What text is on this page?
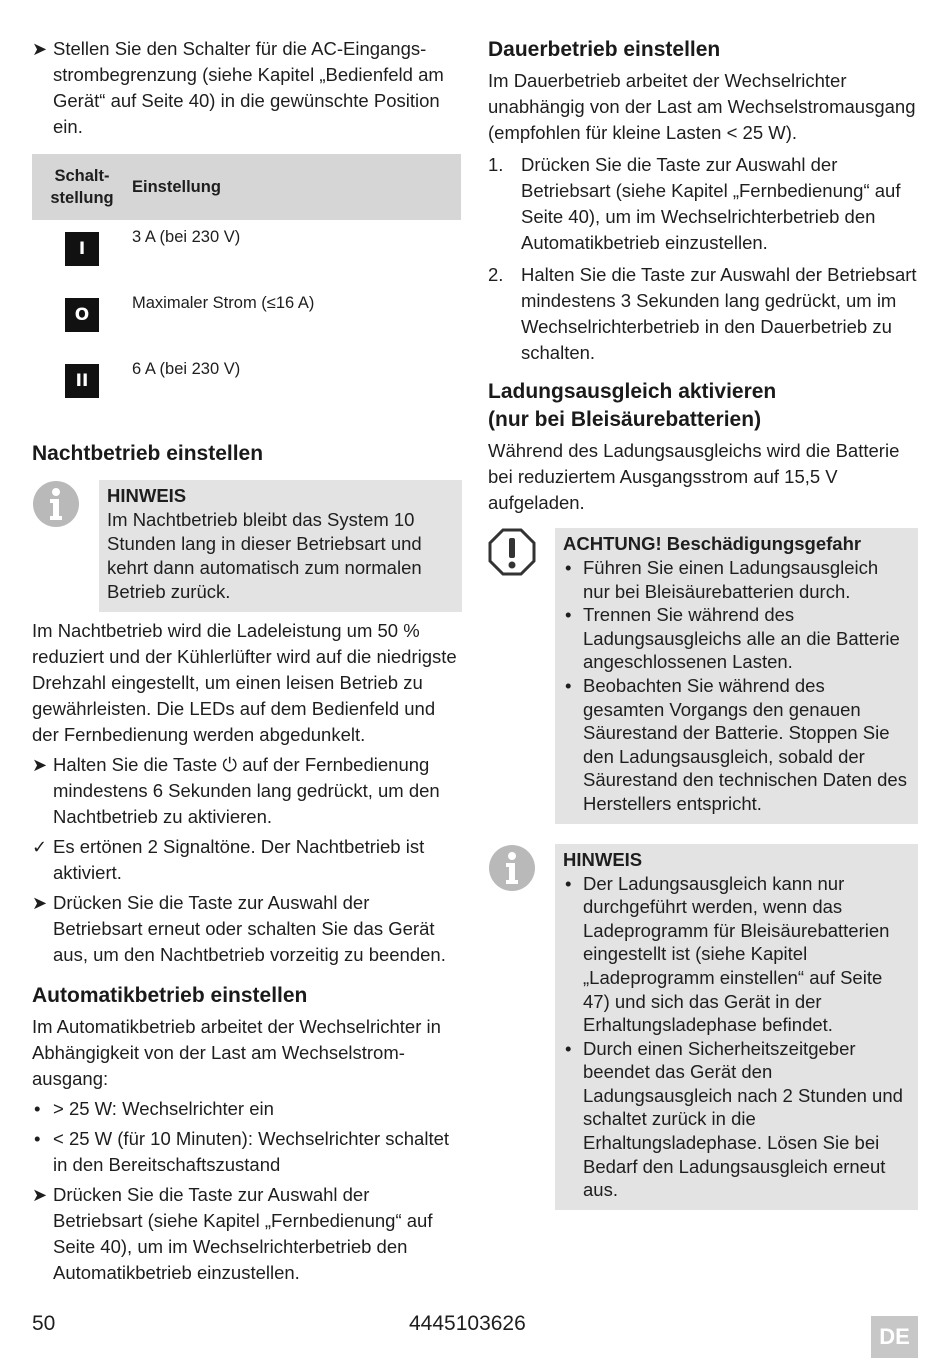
➤ Stellen Sie den Schalter für die AC-Eingangsstrombegrenzung (siehe Kapitel „Bedienfeld am Gerät“ auf Seite 40) in die gewünschte Position ein.
Schaltstellung	Einstellung
I	3 A (bei 230 V)
O	Maximaler Strom (≤16 A)
II	6 A (bei 230 V)
Nachtbetrieb einstellen
HINWEIS

Im Nachtbetrieb bleibt das System 10 Stunden lang in dieser Betriebsart und kehrt dann automatisch zum normalen Betrieb zurück.

Im Nachtbetrieb wird die Ladeleistung um 50 % reduziert und der Kühlerlüfter wird auf die niedrigste Drehzahl eingestellt, um einen leisen Betrieb zu gewährleisten. Die LEDs auf dem Bedienfeld und der Fernbedienung werden abgedunkelt.

➤ Halten Sie die Taste ⏻ auf der Fernbedienung mindestens 6 Sekunden lang gedrückt, um den Nachtbetrieb zu aktivieren.
✓ Es ertönen 2 Signaltöne. Der Nachtbetrieb ist aktiviert.
➤ Drücken Sie die Taste zur Auswahl der Betriebsart erneut oder schalten Sie das Gerät aus, um den Nachtbetrieb vorzeitig zu beenden.
Automatikbetrieb einstellen

Im Automatikbetrieb arbeitet der Wechselrichter in Abhängigkeit von der Last am Wechselstromausgang:

• > 25 W: Wechselrichter ein
• < 25 W (für 10 Minuten): Wechselrichter schaltet in den Bereitschaftszustand
➤ Drücken Sie die Taste zur Auswahl der Betriebsart (siehe Kapitel „Fernbedienung“ auf Seite 40), um im Wechselrichterbetrieb den Automatikbetrieb einzustellen.
Dauerbetrieb einstellen

Im Dauerbetrieb arbeitet der Wechselrichter unabhängig von der Last am Wechselstromausgang (empfohlen für kleine Lasten < 25 W).

1. Drücken Sie die Taste zur Auswahl der Betriebsart (siehe Kapitel „Fernbedienung“ auf Seite 40), um im Wechselrichterbetrieb den Automatikbetrieb einzustellen.
2. Halten Sie die Taste zur Auswahl der Betriebsart mindestens 3 Sekunden lang gedrückt, um im Wechselrichterbetrieb in den Dauerbetrieb zu schalten.
Ladungsausgleich aktivieren
(nur bei Bleisäurebatterien)

Während des Ladungsausgleichs wird die Batterie bei reduziertem Ausgangsstrom auf 15,5 V aufgeladen.

ACHTUNG! Beschädigungsgefahr
• Führen Sie einen Ladungsausgleich nur bei Bleisäurebatterien durch.
• Trennen Sie während des Ladungsausgleichs alle an die Batterie angeschlossenen Lasten.
• Beobachten Sie während des gesamten Vorgangs den genauen Säurestand der Batterie. Stoppen Sie den Ladungsausgleich, sobald der Säurestand den technischen Daten des Herstellers entspricht.
HINWEIS
• Der Ladungsausgleich kann nur durchgeführt werden, wenn das Ladeprogramm für Bleisäurebatterien eingestellt ist (siehe Kapitel „Ladeprogramm einstellen“ auf Seite 47) und sich das Gerät in der Erhaltungsladephase befindet.
• Durch einen Sicherheitszeitgeber beendet das Gerät den Ladungsausgleich nach 2 Stunden und schaltet zurück in die Erhaltungsladephase. Lösen Sie bei Bedarf den Ladungsausgleich erneut aus.
50	4445103626
DE
